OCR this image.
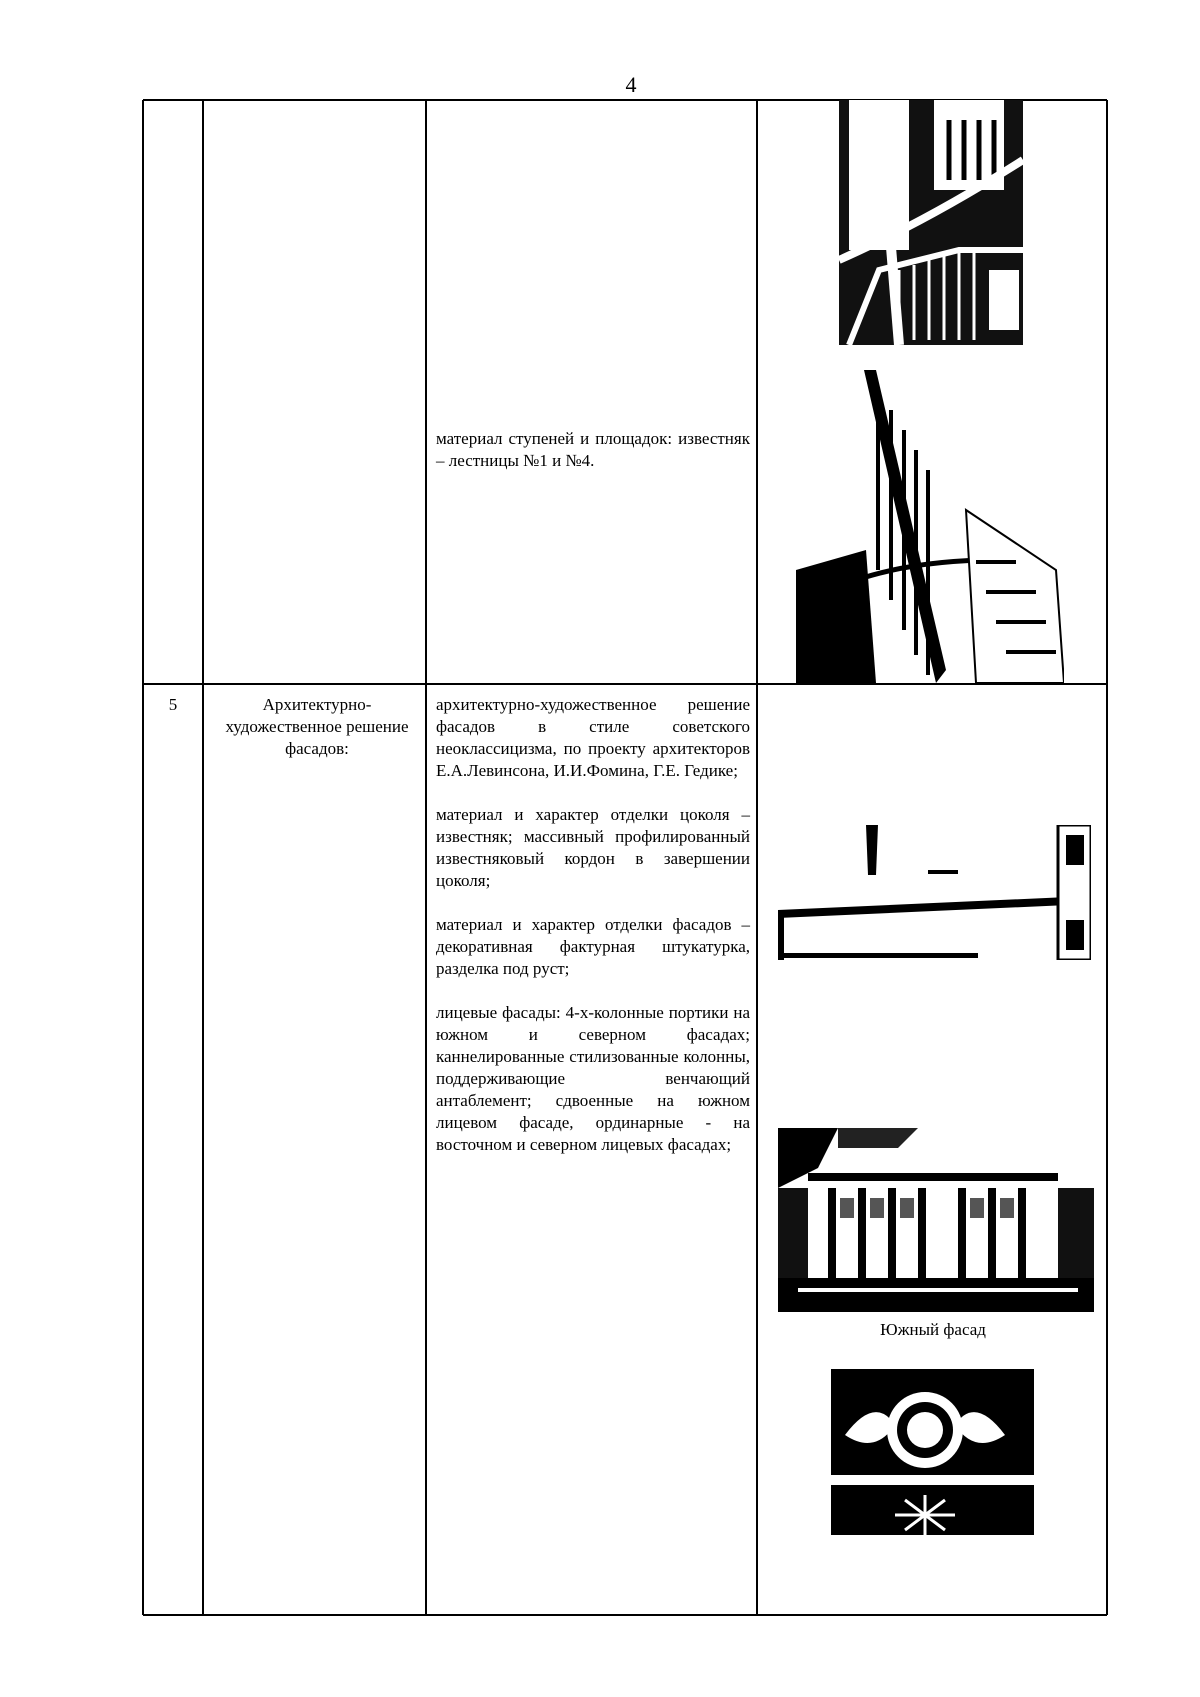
4
материал ступеней и площадок: известняк – лестницы №1 и №4.
5	Архитектурно-художественное решение фасадов:
архитектурно-художественное решение фасадов в стиле советского неоклассицизма, по проекту архитекторов Е.А.Левинсона, И.И.Фомина, Г.Е. Гедике;
материал и характер отделки цоколя – известняк; массивный профилированный известняковый кордон в завершении цоколя;
материал и характер отделки фасадов – декоративная фактурная штукатурка, разделка под руст;
лицевые фасады: 4-х-колонные портики на южном и северном фасадах; каннелированные стилизованные колонны, поддерживающие венчающий антаблемент; сдвоенные на южном лицевом фасаде, ординарные - на восточном и северном лицевых фасадах;
Южный фасад
